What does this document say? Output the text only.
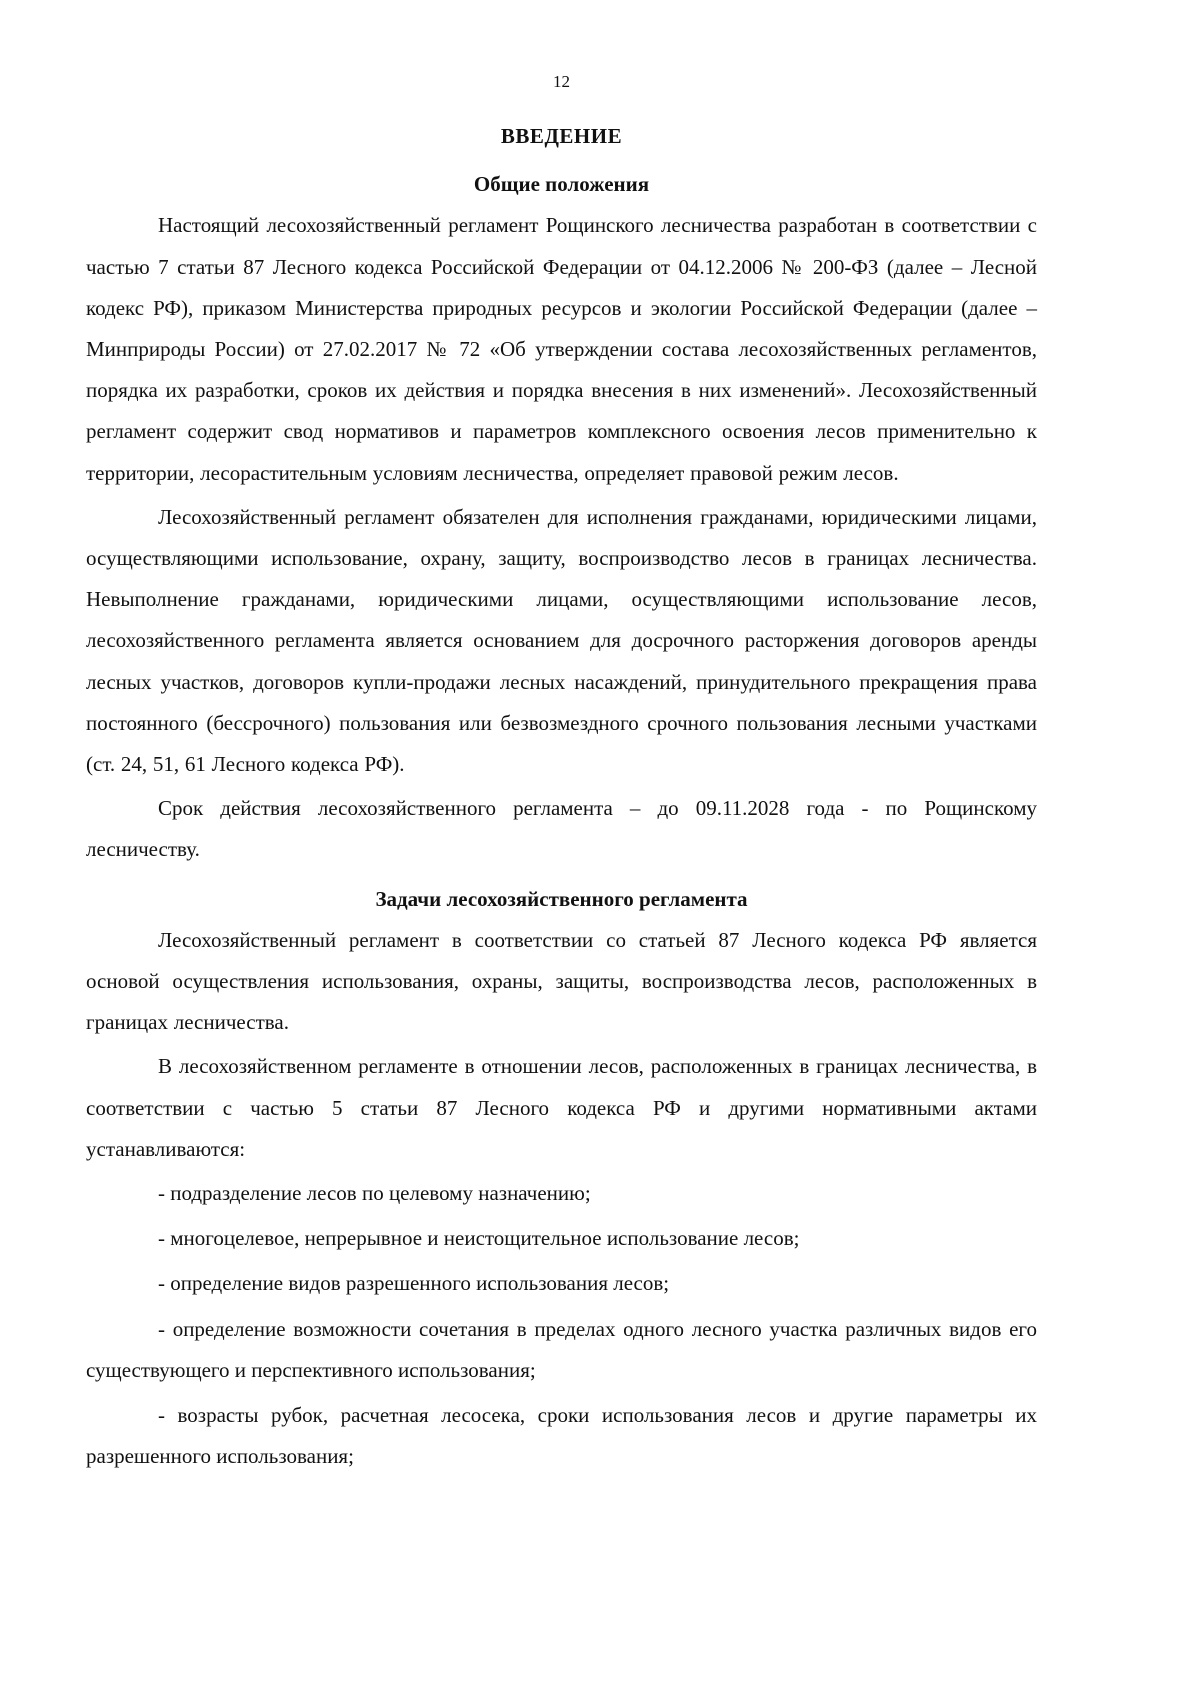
12
ВВЕДЕНИЕ
Общие положения

Настоящий лесохозяйственный регламент Рощинского лесничества разработан в соответствии с частью 7 статьи 87 Лесного кодекса Российской Федерации от 04.12.2006 № 200-ФЗ (далее – Лесной кодекс РФ), приказом Министерства природных ресурсов и экологии Российской Федерации (далее – Минприроды России) от 27.02.2017 № 72 «Об утверждении состава лесохозяйственных регламентов, порядка их разработки, сроков их действия и порядка внесения в них изменений». Лесохозяйственный регламент содержит свод нормативов и параметров комплексного освоения лесов применительно к территории, лесорастительным условиям лесничества, определяет правовой режим лесов.

Лесохозяйственный регламент обязателен для исполнения гражданами, юридическими лицами, осуществляющими использование, охрану, защиту, воспроизводство лесов в границах лесничества. Невыполнение гражданами, юридическими лицами, осуществляющими использование лесов, лесохозяйственного регламента является основанием для досрочного расторжения договоров аренды лесных участков, договоров купли-продажи лесных насаждений, принудительного прекращения права постоянного (бессрочного) пользования или безвозмездного срочного пользования лесными участками (ст. 24, 51, 61 Лесного кодекса РФ).

Срок действия лесохозяйственного регламента – до 09.11.2028 года - по Рощинскому лесничеству.

Задачи лесохозяйственного регламента

Лесохозяйственный регламент в соответствии со статьей 87 Лесного кодекса РФ является основой осуществления использования, охраны, защиты, воспроизводства лесов, расположенных в границах лесничества.

В лесохозяйственном регламенте в отношении лесов, расположенных в границах лесничества, в соответствии с частью 5 статьи 87 Лесного кодекса РФ и другими нормативными актами устанавливаются:

- подразделение лесов по целевому назначению;

- многоцелевое, непрерывное и неистощительное использование лесов;

- определение видов разрешенного использования лесов;

- определение возможности сочетания в пределах одного лесного участка различных видов его существующего и перспективного использования;

- возрасты рубок, расчетная лесосека, сроки использования лесов и другие параметры их разрешенного использования;
